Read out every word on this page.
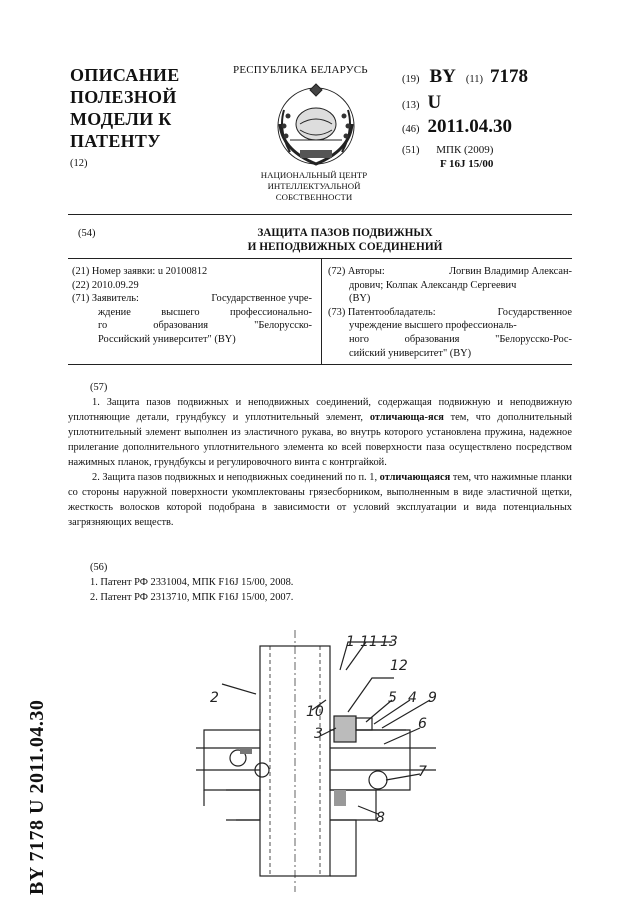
ОПИСАНИЕ
ПОЛЕЗНОЙ
МОДЕЛИ К
ПАТЕНТУ
(12)
РЕСПУБЛИКА БЕЛАРУСЬ
НАЦИОНАЛЬНЫЙ ЦЕНТР
ИНТЕЛЛЕКТУАЛЬНОЙ
СОБСТВЕННОСТИ
(19) BY (11) 7178
(13) U
(46) 2011.04.30
(51) МПК (2009)
F 16J 15/00
(54)	ЗАЩИТА ПАЗОВ ПОДВИЖНЫХ
И НЕПОДВИЖНЫХ СОЕДИНЕНИЙ
(21) Номер заявки: u 20100812
(22) 2010.09.29
(71) Заявитель:	Государственное учре-
ждение высшего профессионально-
го образования "Белорусско-
Российский университет" (BY)
(72) Авторы:	Логвин Владимир Алексан-
дрович; Колпак Александр Сергеевич
(BY)
(73) Патентообладатель:	Государственное
учреждение высшего профессиональ-
ного образования "Белорусско-Рос-
сийский университет" (BY)

(57)

1. Защита пазов подвижных и неподвижных соединений, содержащая подвижную и неподвижную уплотняющие детали, грундбуксу и уплотнительный элемент, отличающа-яся тем, что дополнительный уплотнительный элемент выполнен из эластичного рукава, во внутрь которого установлена пружина, надежное прилегание дополнительного уплотнительного элемента ко всей поверхности паза осуществлено посредством нажимных планок, грундбуксы и регулировочного винта с контргайкой.

2. Защита пазов подвижных и неподвижных соединений по п. 1, отличающаяся тем, что нажимные планки со стороны наружной поверхности укомплектованы грязесборником, выполненным в виде эластичной щетки, жесткость волосков которой подобрана в зависимости от условий эксплуатации и вида потенциальных загрязняющих веществ.

(56)

1. Патент РФ 2331004, МПК F16J 15/00, 2008.

2. Патент РФ 2313710, МПК F16J 15/00, 2007.

BY 7178 U 2011.04.30
1 11 13
12
2
10
5 4 9
3
6
7
8
